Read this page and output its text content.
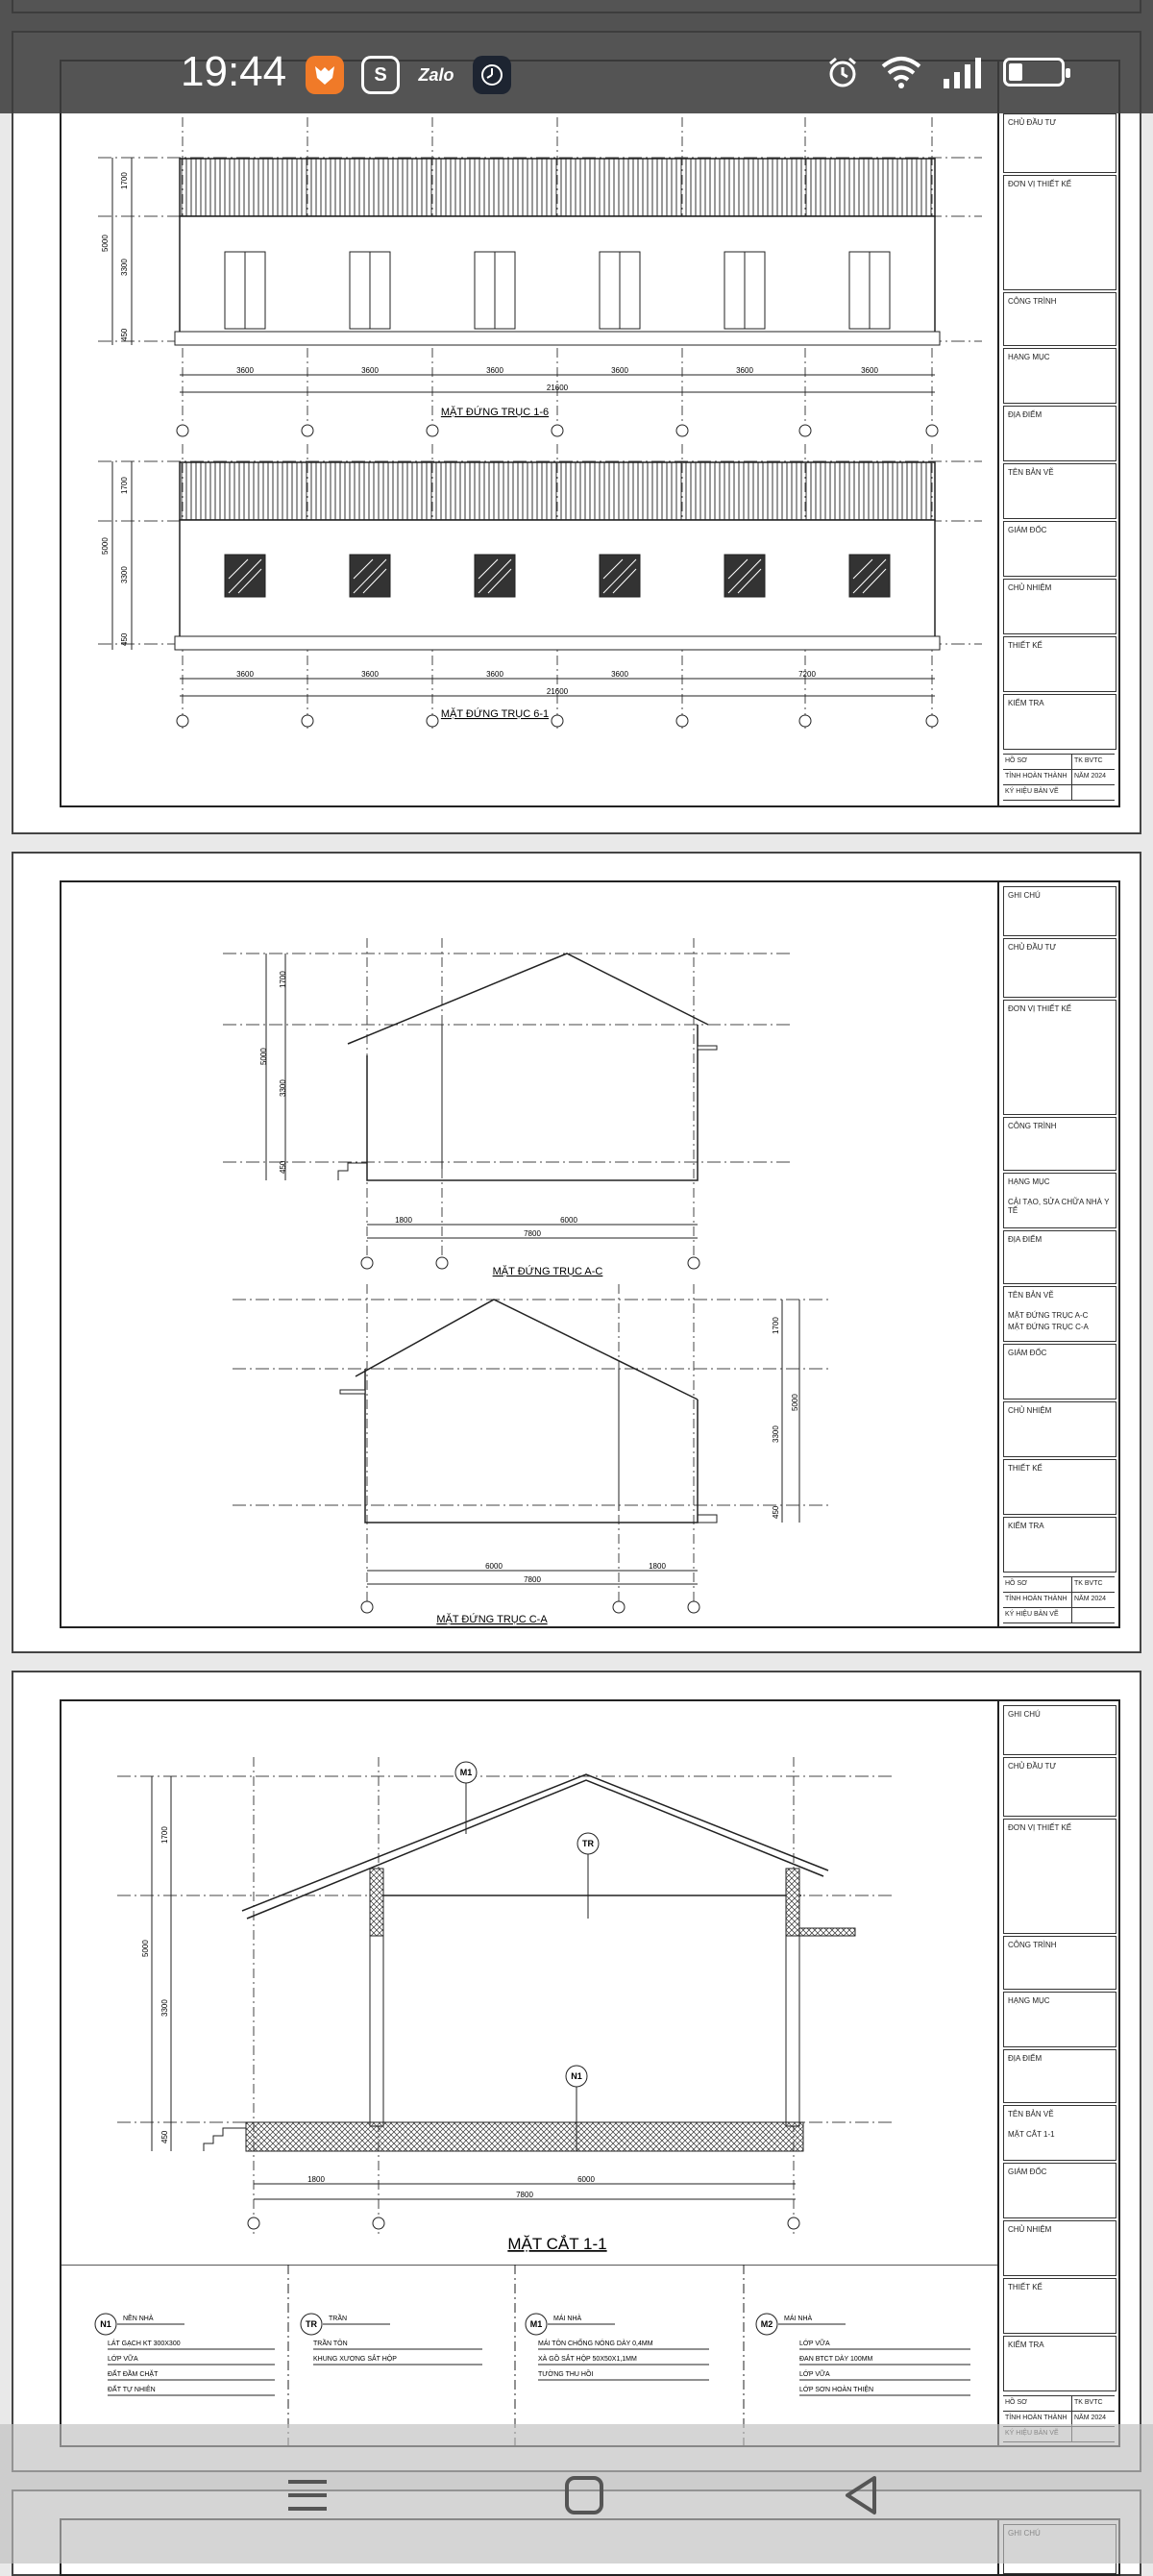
19:44	S	Zalo
1700
3300
450
5000
3600	3600	3600	3600	3600	3600
21600
MẶT ĐỨNG TRỤC 1-6
1700
3300
450
5000
3600	3600	3600	3600	7200
21600
MẶT ĐỨNG TRỤC 6-1
CHỦ ĐẦU TƯ
ĐƠN VỊ THIẾT KẾ
CÔNG TRÌNH
HẠNG MỤC
ĐỊA ĐIỂM
TÊN BẢN VẼ
GIÁM ĐỐC
CHỦ NHIỆM
THIẾT KẾ
KIỂM TRA
HỒ SƠ	TK BVTC
TỈNH HOÀN THÀNH	NĂM 2024
KÝ HIỆU BẢN VẼ
1700
3300
450
5000
1800	6000
7800
MẶT ĐỨNG TRỤC A-C
1700
3300
450
5000
6000	1800
7800
MẶT ĐỨNG TRỤC C-A
GHI CHÚ
CHỦ ĐẦU TƯ
ĐƠN VỊ THIẾT KẾ
CÔNG TRÌNH
HẠNG MỤC
CẢI TẠO, SỬA CHỮA NHÀ Y TẾ
ĐỊA ĐIỂM
TÊN BẢN VẼ
MẶT ĐỨNG TRỤC A-C
MẶT ĐỨNG TRỤC C-A
GIÁM ĐỐC
CHỦ NHIỆM
THIẾT KẾ
KIỂM TRA
HỒ SƠ	TK BVTC
TỈNH HOÀN THÀNH	NĂM 2024
KÝ HIỆU BẢN VẼ
1700
3300
450
5000
M1
TR
N1
1800	6000
7800
MẶT CẮT 1-1
N1
NỀN NHÀ
LÁT GẠCH KT 300X300
LỚP VỮA
ĐẤT ĐẦM CHẶT
ĐẤT TỰ NHIÊN
TR
TRẦN
TRẦN TÔN
KHUNG XƯƠNG SẮT HỘP
M1
MÁI NHÀ
MÁI TÔN CHỐNG NÓNG DÀY 0,4MM
XÀ GỒ SẮT HỘP 50X50X1,1MM
TƯỜNG THU HỒI
M2
MÁI NHÀ
LỚP VỮA
ĐAN BTCT DÀY 100MM
LỚP VỮA
LỚP SƠN HOÀN THIỆN
GHI CHÚ
CHỦ ĐẦU TƯ
ĐƠN VỊ THIẾT KẾ
CÔNG TRÌNH
HẠNG MỤC
ĐỊA ĐIỂM
TÊN BẢN VẼ
MẶT CẮT 1-1
GIÁM ĐỐC
CHỦ NHIỆM
THIẾT KẾ
KIỂM TRA
HỒ SƠ	TK BVTC
TỈNH HOÀN THÀNH	NĂM 2024
